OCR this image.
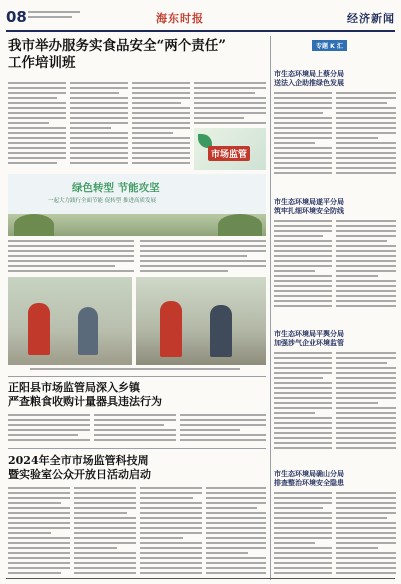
08	海东时报	经济新闻
我市举办服务实食品安全“两个责任”
工作培训班
市场监管
绿色转型 节能攻坚
一起大力践行全面节能 促转型 推进高质发展
正阳县市场监管局深入乡镇
严查粮食收购计量器具违法行为
2024年全市市场监管科技周
暨实验室公众开放日活动启动
专题 K 汇
市生态环境局上蔡分局
送法入企助推绿色发展
市生态环境局遂平分局
筑牢扎细环境安全防线
市生态环境局平舆分局
加强涉气企业环境监管
市生态环境局确山分局
排查整治环境安全隐患
